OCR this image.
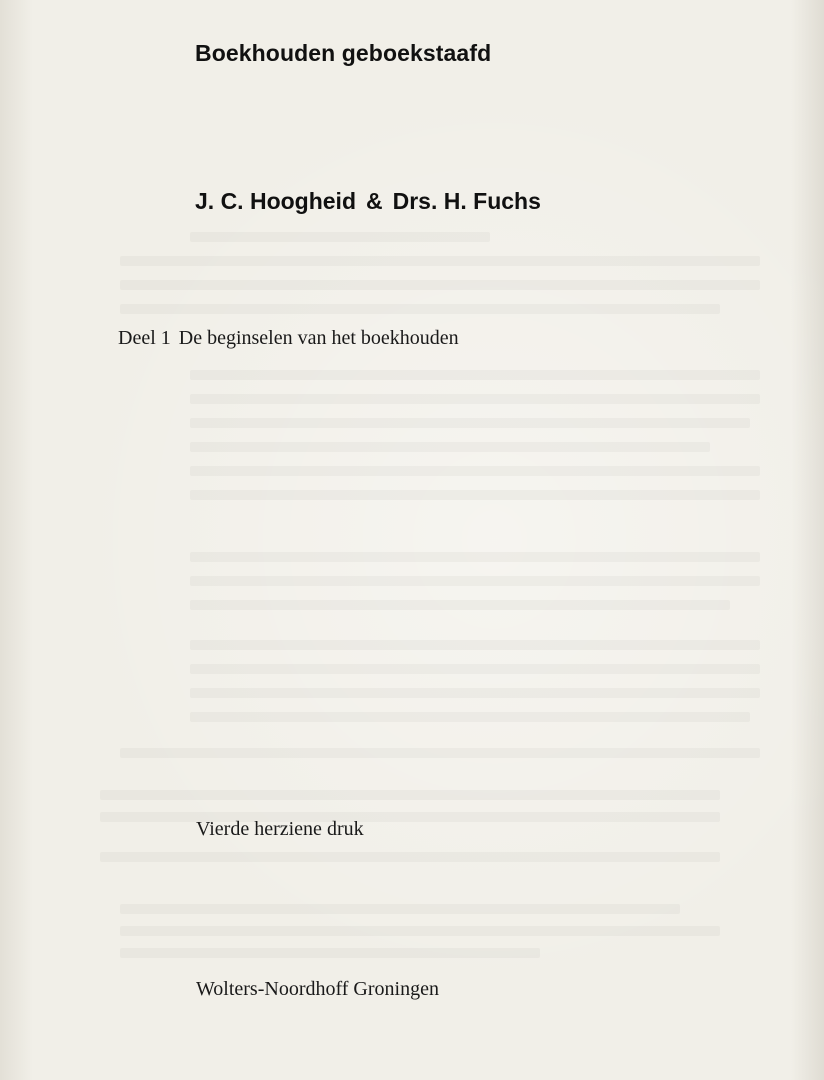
Boekhouden geboekstaafd
J. C. Hoogheid & Drs. H. Fuchs
Deel 1 De beginselen van het boekhouden
Vierde herziene druk
Wolters-Noordhoff Groningen
